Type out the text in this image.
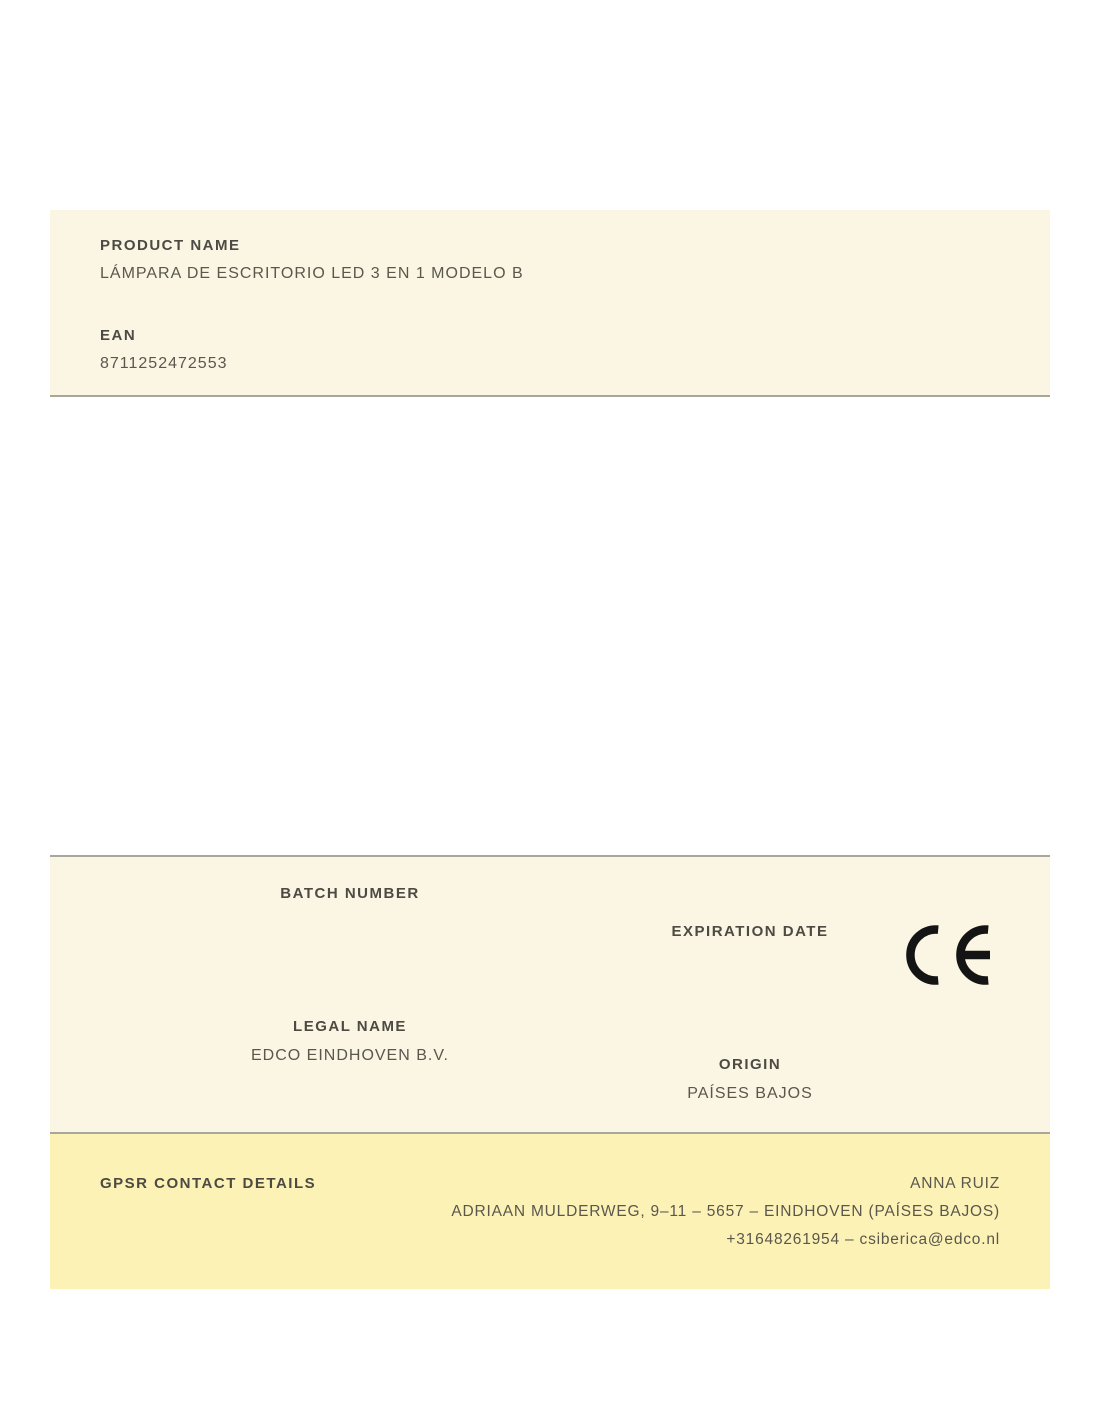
PRODUCT NAME
LÁMPARA DE ESCRITORIO LED 3 EN 1 MODELO B
EAN
8711252472553
BATCH NUMBER
EXPIRATION DATE
LEGAL NAME
EDCO EINDHOVEN B.V.
ORIGIN
PAÍSES BAJOS
GPSR CONTACT DETAILS	ANNA RUIZ
ADRIAAN MULDERWEG, 9–11 – 5657 – EINDHOVEN (PAÍSES BAJOS)
+31648261954 – csiberica@edco.nl
